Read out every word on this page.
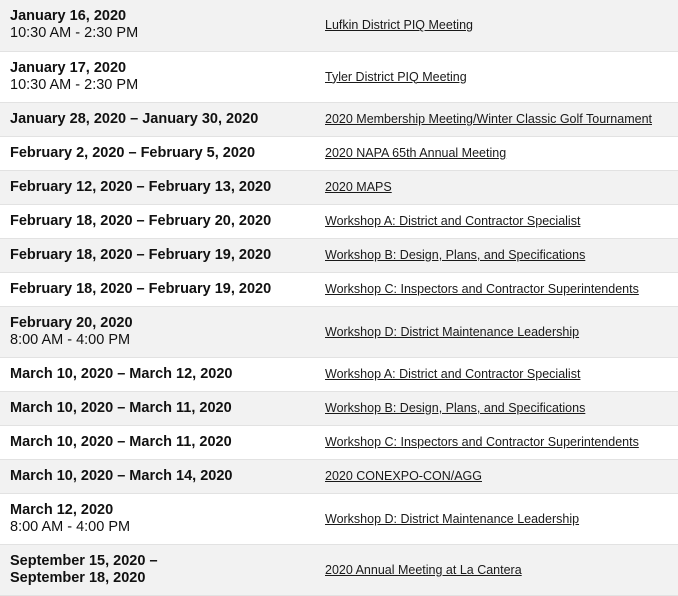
January 16, 2020
10:30 AM - 2:30 PM	Lufkin District PIQ Meeting

January 17, 2020
10:30 AM - 2:30 PM	Tyler District PIQ Meeting

January 28, 2020 – January 30, 2020	2020 Membership Meeting/Winter Classic Golf Tournament

February 2, 2020 – February 5, 2020	2020 NAPA 65th Annual Meeting

February 12, 2020 – February 13, 2020	2020 MAPS

February 18, 2020 – February 20, 2020	Workshop A: District and Contractor Specialist

February 18, 2020 – February 19, 2020	Workshop B: Design, Plans, and Specifications

February 18, 2020 – February 19, 2020	Workshop C: Inspectors and Contractor Superintendents

February 20, 2020
8:00 AM - 4:00 PM	Workshop D: District Maintenance Leadership

March 10, 2020 – March 12, 2020	Workshop A: District and Contractor Specialist

March 10, 2020 – March 11, 2020	Workshop B: Design, Plans, and Specifications

March 10, 2020 – March 11, 2020	Workshop C: Inspectors and Contractor Superintendents

March 10, 2020 – March 14, 2020	2020 CONEXPO-CON/AGG

March 12, 2020
8:00 AM - 4:00 PM	Workshop D: District Maintenance Leadership

September 15, 2020 –
September 18, 2020	2020 Annual Meeting at La Cantera
